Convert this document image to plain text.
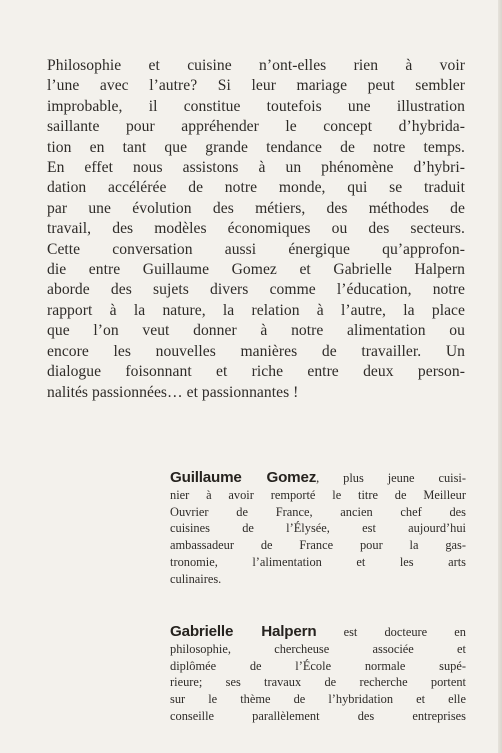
Philosophie et cuisine n’ont-elles rien à voir
l’une avec l’autre? Si leur mariage peut sembler
improbable, il constitue toutefois une illustration
saillante pour appréhender le concept d’hybrida-
tion en tant que grande tendance de notre temps.
En effet nous assistons à un phénomène d’hybri-
dation accélérée de notre monde, qui se traduit
par une évolution des métiers, des méthodes de
travail, des modèles économiques ou des secteurs.
Cette conversation aussi énergique qu’approfon-
die entre Guillaume Gomez et Gabrielle Halpern
aborde des sujets divers comme l’éducation, notre
rapport à la nature, la relation à l’autre, la place
que l’on veut donner à notre alimentation ou
encore les nouvelles manières de travailler. Un
dialogue foisonnant et riche entre deux person-
nalités passionnées… et passionnantes !

Guillaume Gomez, plus jeune cuisi-
nier à avoir remporté le titre de Meilleur
Ouvrier de France, ancien chef des
cuisines de l’Élysée, est aujourd’hui
ambassadeur de France pour la gas-
tronomie, l’alimentation et les arts
culinaires.

Gabrielle Halpern est docteure en
philosophie, chercheuse associée et
diplômée de l’École normale supé-
rieure; ses travaux de recherche portent
sur le thème de l’hybridation et elle
conseille parallèlement des entreprises
